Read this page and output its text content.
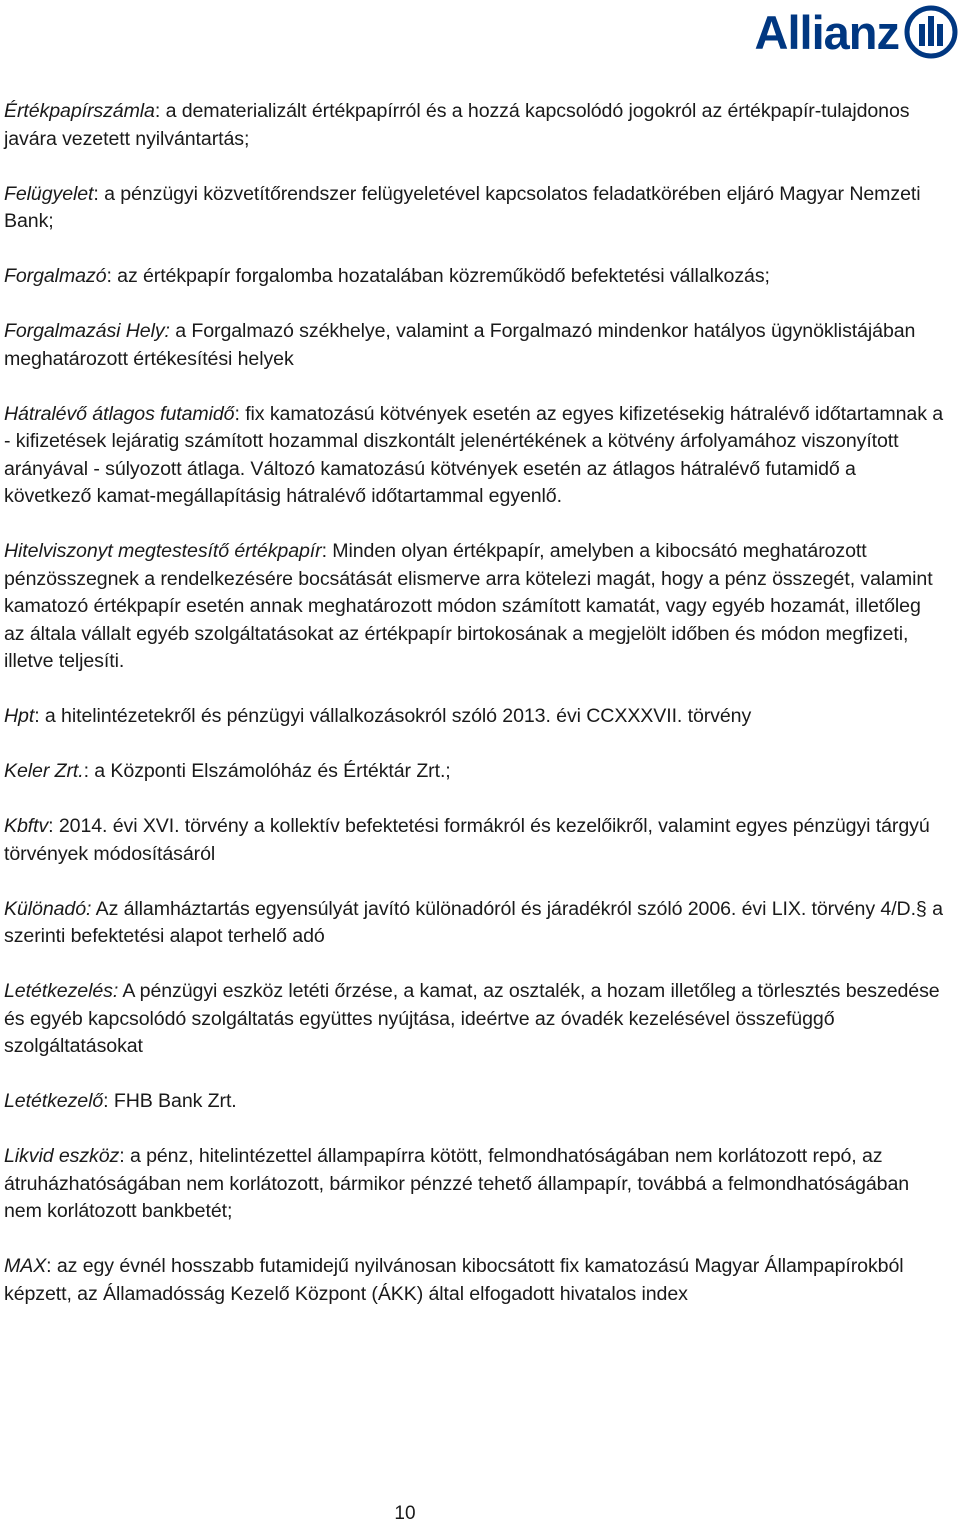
Allianz

Értékpapírszámla: a dematerializált értékpapírról és a hozzá kapcsolódó jogokról az értékpapír-tulajdonos javára vezetett nyilvántartás;

Felügyelet: a pénzügyi közvetítőrendszer felügyeletével kapcsolatos feladatkörében eljáró Magyar Nemzeti Bank;

Forgalmazó: az értékpapír forgalomba hozatalában közreműködő befektetési vállalkozás;

Forgalmazási Hely: a Forgalmazó székhelye, valamint a Forgalmazó mindenkor hatályos ügynöklistájában meghatározott értékesítési helyek

Hátralévő átlagos futamidő: fix kamatozású kötvények esetén az egyes kifizetésekig hátralévő időtartamnak a - kifizetések lejáratig számított hozammal diszkontált jelenértékének a kötvény árfolyamához viszonyított arányával - súlyozott átlaga. Változó kamatozású kötvények esetén az átlagos hátralévő futamidő a következő kamat-megállapításig hátralévő időtartammal egyenlő.

Hitelviszonyt megtestesítő értékpapír: Minden olyan értékpapír, amelyben a kibocsátó meghatározott pénzösszegnek a rendelkezésére bocsátását elismerve arra kötelezi magát, hogy a pénz összegét, valamint kamatozó értékpapír esetén annak meghatározott módon számított kamatát, vagy egyéb hozamát, illetőleg az általa vállalt egyéb szolgáltatásokat az értékpapír birtokosának a megjelölt időben és módon megfizeti, illetve teljesíti.

Hpt: a hitelintézetekről és pénzügyi vállalkozásokról szóló 2013. évi CCXXXVII. törvény

Keler Zrt.: a Központi Elszámolóház és Értéktár Zrt.;

Kbftv: 2014. évi XVI. törvény a kollektív befektetési formákról és kezelőikről, valamint egyes pénzügyi tárgyú törvények módosításáról

Különadó: Az államháztartás egyensúlyát javító különadóról és járadékról szóló 2006. évi LIX. törvény 4/D.§ a szerinti befektetési alapot terhelő adó

Letétkezelés: A pénzügyi eszköz letéti őrzése, a kamat, az osztalék, a hozam illetőleg a törlesztés beszedése és egyéb kapcsolódó szolgáltatás együttes nyújtása, ideértve az óvadék kezelésével összefüggő szolgáltatásokat

Letétkezelő: FHB Bank Zrt.

Likvid eszköz: a pénz, hitelintézettel állampapírra kötött, felmondhatóságában nem korlátozott repó, az átruházhatóságában nem korlátozott, bármikor pénzzé tehető állampapír, továbbá a felmondhatóságában nem korlátozott bankbetét;

MAX: az egy évnél hosszabb futamidejű nyilvánosan kibocsátott fix kamatozású Magyar Állampapírokból képzett, az Államadósság Kezelő Központ (ÁKK) által elfogadott hivatalos index

10
